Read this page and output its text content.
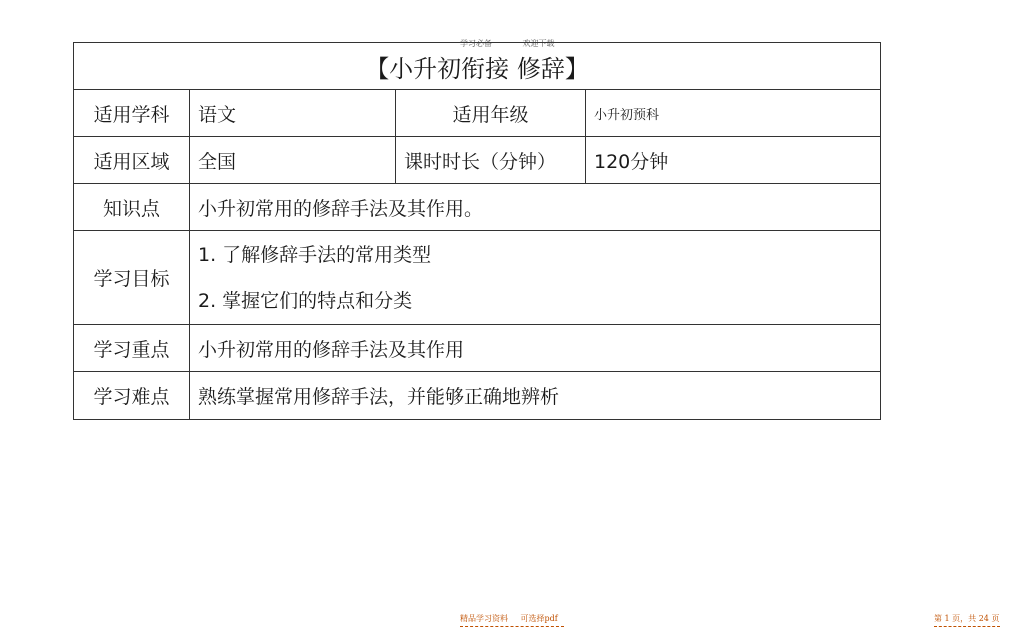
学习必备	欢迎下载
【小升初衔接 修辞】			
适用学科	语文	适用年级	小升初预科
适用区域	全国	课时时长（分钟）	120分钟
知识点	小升初常用的修辞手法及其作用。		
学习目标	1. 了解修辞手法的常用类型
2. 掌握它们的特点和分类		

学习重点	小升初常用的修辞手法及其作用		
学习难点	熟练掌握常用修辞手法，并能够正确地辨析		
精品学习资料 可选择pdf	第 1 页，共 24 页
